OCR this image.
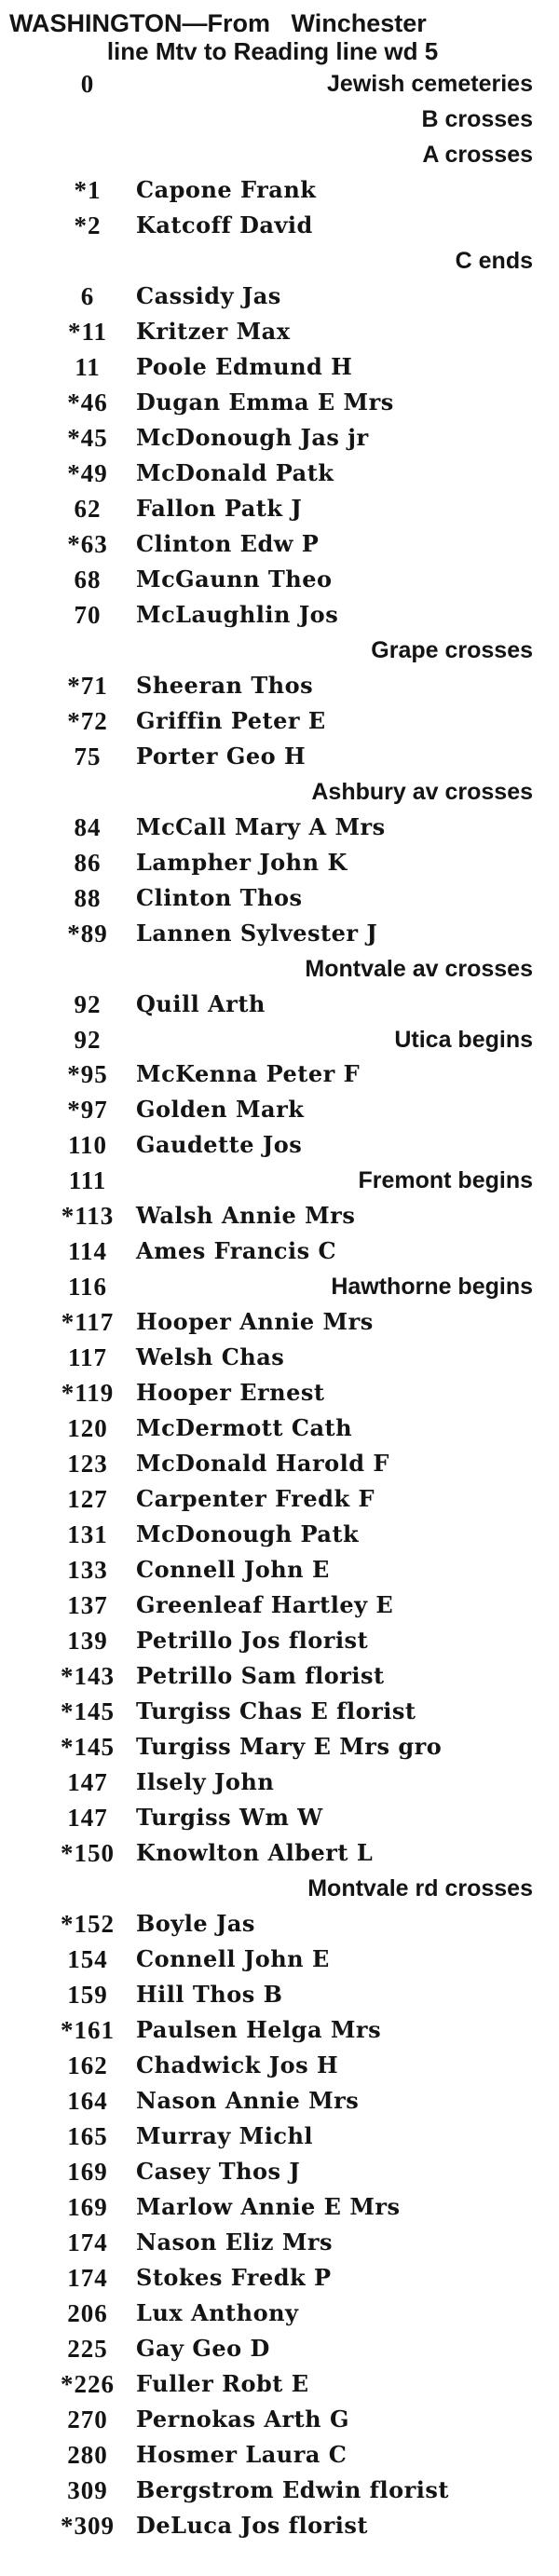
WASHINGTON—From   Winchester
line Mtv to Reading line wd 5
0	Jewish cemeteries
B crosses
A crosses
*1	Capone Frank
*2	Katcoff David
C ends
6	Cassidy Jas
*11	Kritzer Max
11	Poole Edmund H
*46	Dugan Emma E Mrs
*45	McDonough Jas jr
*49	McDonald Patk
62	Fallon Patk J
*63	Clinton Edw P
68	McGaunn Theo
70	McLaughlin Jos
Grape crosses
*71	Sheeran Thos
*72	Griffin Peter E
75	Porter Geo H
Ashbury av crosses
84	McCall Mary A Mrs
86	Lampher John K
88	Clinton Thos
*89	Lannen Sylvester J
Montvale av crosses
92	Quill Arth
92	Utica begins
*95	McKenna Peter F
*97	Golden Mark
110	Gaudette Jos
111	Fremont begins
*113 Walsh Annie Mrs
114	Ames Francis C
116	Hawthorne begins
*117 Hooper Annie Mrs
117	Welsh Chas
*119 Hooper Ernest
120	McDermott Cath
123	McDonald Harold F
127	Carpenter Fredk F
131	McDonough Patk
133	Connell John E
137	Greenleaf Hartley E
139	Petrillo Jos florist
*143 Petrillo Sam florist
*145 Turgiss Chas E florist
*145 Turgiss Mary E Mrs gro
147	Ilsely John
147	Turgiss Wm W
*150 Knowlton Albert L
Montvale rd crosses
*152 Boyle Jas
154	Connell John E
159	Hill Thos B
*161 Paulsen Helga Mrs
162	Chadwick Jos H
164	Nason Annie Mrs
165	Murray Michl
169	Casey Thos J
169	Marlow Annie E Mrs
174	Nason Eliz Mrs
174	Stokes Fredk P
206	Lux Anthony
225	Gay Geo D
*226 Fuller Robt E
270	Pernokas Arth G
280	Hosmer Laura C
309	Bergstrom Edwin florist
*309 DeLuca Jos florist
